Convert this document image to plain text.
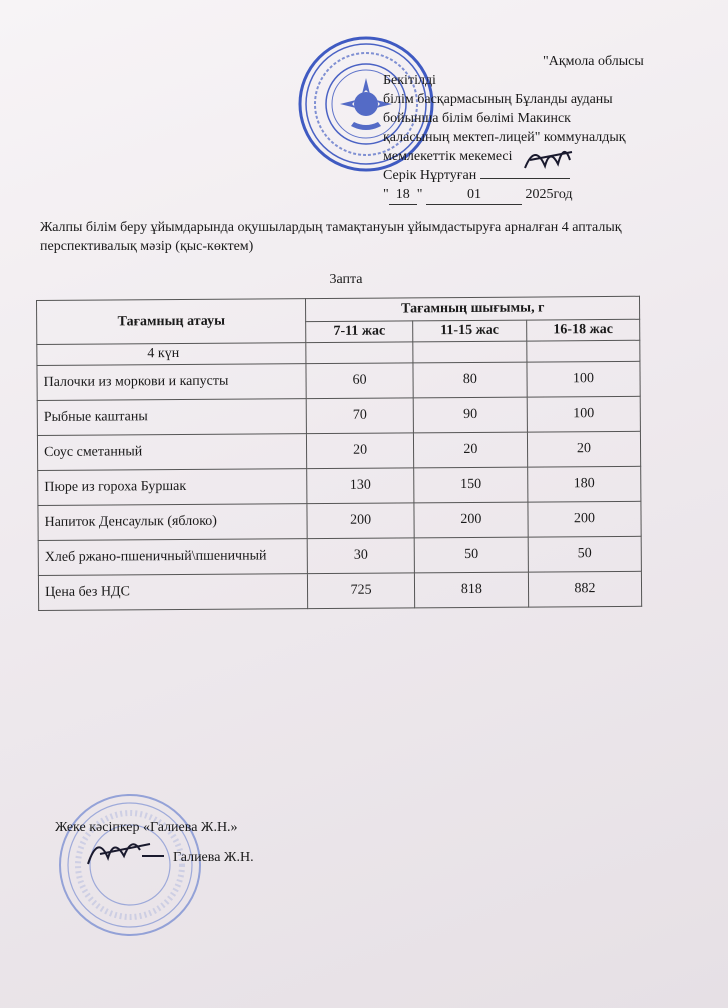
"Ақмола облысы
Бекітілді
білім басқармасының Бұланды ауданы
бойынша білім бөлімі Макинск
қаласының мектеп-лицей" коммуналдық
мемлекеттік мекемесі
Серік Нұртуған
" 18 "	01	2025год
Жалпы білім беру ұйымдарында оқушылардың тамақтануын ұйымдастыруға арналған 4 апталық перспективалық мәзір (қыс-көктем)
3апта
Тағамның атауы	Тағамның шығымы, г		
	7-11 жас	11-15 жас	16-18 жас
4 күн			
Палочки из моркови и капусты	60	80	100
Рыбные каштаны	70	90	100
Соус сметанный	20	20	20
Пюре из гороха Буршак	130	150	180
Напиток Денсаулык (яблоко)	200	200	200
Хлеб ржано-пшеничный\пшеничный	30	50	50
Цена без НДС	725	818	882
Жеке кәсіпкер «Галиева Ж.Н.»
Галиева Ж.Н.
